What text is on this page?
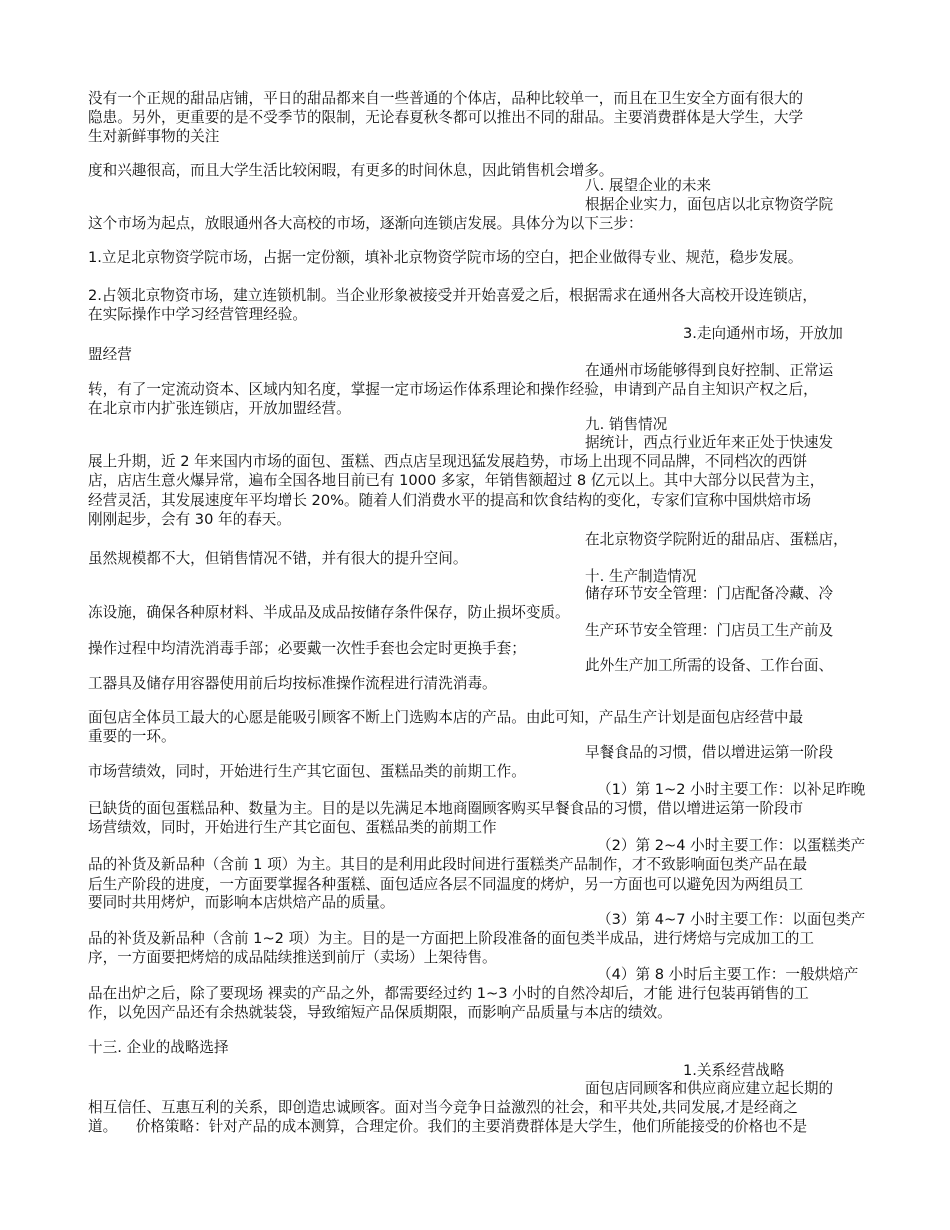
没有一个正规的甜品店铺，平日的甜品都来自一些普通的个体店，品种比较单一，而且在卫生安全方面有很大的
隐患。另外，更重要的是不受季节的限制，无论春夏秋冬都可以推出不同的甜品。主要消费群体是大学生，大学
生对新鲜事物的关注
度和兴趣很高，而且大学生活比较闲暇，有更多的时间休息，因此销售机会增多。
八. 展望企业的未来
根据企业实力，面包店以北京物资学院
这个市场为起点，放眼通州各大高校的市场，逐渐向连锁店发展。具体分为以下三步：
1.立足北京物资学院市场，占据一定份额，填补北京物资学院市场的空白，把企业做得专业、规范，稳步发展。
2.占领北京物资市场，建立连锁机制。当企业形象被接受并开始喜爱之后，根据需求在通州各大高校开设连锁店，
在实际操作中学习经营管理经验。
3.走向通州市场，开放加
盟经营
在通州市场能够得到良好控制、正常运
转，有了一定流动资本、区域内知名度，掌握一定市场运作体系理论和操作经验，申请到产品自主知识产权之后，
在北京市内扩张连锁店，开放加盟经营。
九. 销售情况
据统计，西点行业近年来正处于快速发
展上升期，近 2 年来国内市场的面包、蛋糕、西点店呈现迅猛发展趋势，市场上出现不同品牌，不同档次的西饼
店，店店生意火爆异常，遍布全国各地目前已有 1000 多家，年销售额超过 8 亿元以上。其中大部分以民营为主，
经营灵活，其发展速度年平均增长 20%。随着人们消费水平的提高和饮食结构的变化，专家们宣称中国烘焙市场
刚刚起步，会有 30 年的春天。
在北京物资学院附近的甜品店、蛋糕店，
虽然规模都不大，但销售情况不错，并有很大的提升空间。
十. 生产制造情况
储存环节安全管理：门店配备冷藏、冷
冻设施，确保各种原材料、半成品及成品按储存条件保存，防止损坏变质。
生产环节安全管理：门店员工生产前及
操作过程中均清洗消毒手部；必要戴一次性手套也会定时更换手套；
此外生产加工所需的设备、工作台面、
工器具及储存用容器使用前后均按标准操作流程进行清洗消毒。
面包店全体员工最大的心愿是能吸引顾客不断上门选购本店的产品。由此可知，产品生产计划是面包店经营中最
重要的一环。
早餐食品的习惯，借以增进运第一阶段
市场营绩效，同时，开始进行生产其它面包、蛋糕品类的前期工作。
（1）第 1~2 小时主要工作：以补足昨晚
已缺货的面包蛋糕品种、数量为主。目的是以先满足本地商圈顾客购买早餐食品的习惯，借以增进运第一阶段市
场营绩效，同时，开始进行生产其它面包、蛋糕品类的前期工作
（2）第 2~4 小时主要工作：以蛋糕类产
品的补货及新品种（含前 1 项）为主。其目的是利用此段时间进行蛋糕类产品制作，才不致影响面包类产品在最
后生产阶段的进度，一方面要掌握各种蛋糕、面包适应各层不同温度的烤炉，另一方面也可以避免因为两组员工
要同时共用烤炉，而影响本店烘焙产品的质量。
（3）第 4~7 小时主要工作：以面包类产
品的补货及新品种（含前 1~2 项）为主。目的是一方面把上阶段准备的面包类半成品，进行烤焙与完成加工的工
序，一方面要把烤焙的成品陆续推送到前厅（卖场）上架待售。
（4）第 8 小时后主要工作：一般烘焙产
品在出炉之后，除了要现场 裸卖的产品之外，都需要经过约 1~3 小时的自然冷却后，才能 进行包装再销售的工
作，以免因产品还有余热就装袋，导致缩短产品保质期限，而影响产品质量与本店的绩效。
十三. 企业的战略选择
1.关系经营战略
面包店同顾客和供应商应建立起长期的
相互信任、互惠互利的关系，即创造忠诚顾客。面对当今竞争日益激烈的社会，和平共处,共同发展,才是经商之
道。    价格策略：针对产品的成本测算，合理定价。我们的主要消费群体是大学生，他们所能接受的价格也不是
